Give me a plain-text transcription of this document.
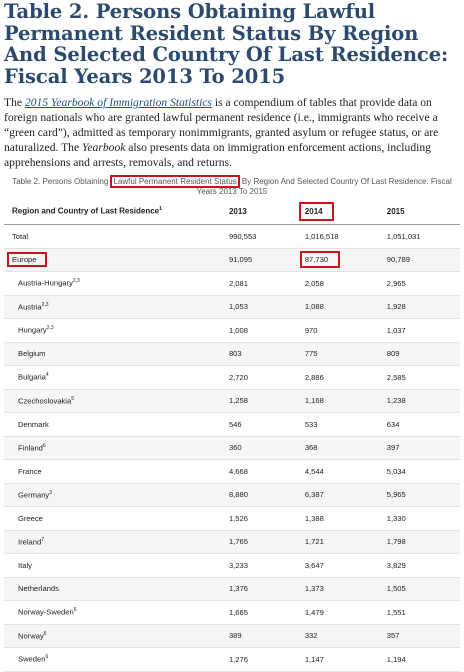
Table 2. Persons Obtaining Lawful Permanent Resident Status By Region And Selected Country Of Last Residence: Fiscal Years 2013 To 2015

The 2015 Yearbook of Immigration Statistics is a compendium of tables that provide data on foreign nationals who are granted lawful permanent residence (i.e., immigrants who receive a “green card”), admitted as temporary nonimmigrants, granted asylum or refugee status, or are naturalized. The Yearbook also presents data on immigration enforcement actions, including apprehensions and arrests, removals, and returns.

Table 2. Persons Obtaining Lawful Permanent Resident Status By Region And Selected Country Of Last Residence: Fiscal Years 2013 To 2015
Region and Country of Last Residence$^1$	2013	2014	2015
Total	990,553	1,016,518	1,051,031
Europe	91,095	87,730	90,789
Austria-Hungary$^{2,3}$	2,081	2,058	2,965
Austria$^{2,3}$	1,053	1,088	1,928
Hungary$^{2,3}$	1,008	970	1,037
Belgium	803	775	809
Bulgaria$^4$	2,720	2,886	2,585
Czechoslovakia$^5$	1,258	1,168	1,238
Denmark	546	533	634
Finland$^6$	360	368	397
France	4,668	4,544	5,034
Germany$^3$	8,880	6,387	5,965
Greece	1,526	1,388	1,330
Ireland$^7$	1,765	1,721	1,798
Italy	3,233	3,647	3,829
Netherlands	1,376	1,373	1,505
Norway-Sweden$^6$	1,665	1,479	1,551
Norway$^6$	389	332	357
Sweden$^6$	1,276	1,147	1,194
